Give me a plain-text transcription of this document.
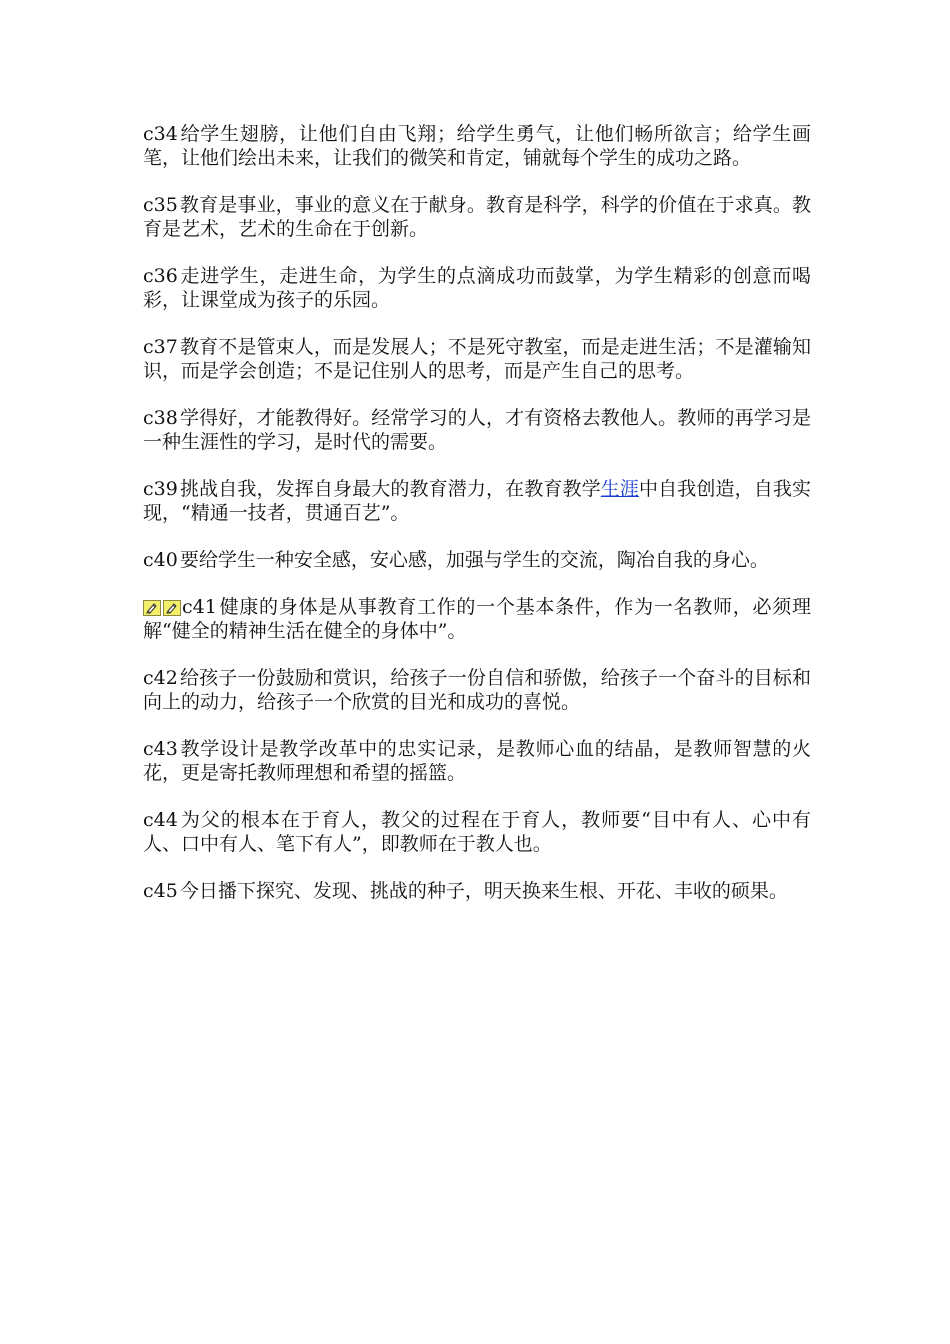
c34 给学生翅膀，让他们自由飞翔；给学生勇气，让他们畅所欲言；给学生画笔，让他们绘出未来，让我们的微笑和肯定，铺就每个学生的成功之路。

c35 教育是事业，事业的意义在于献身。教育是科学，科学的价值在于求真。教育是艺术，艺术的生命在于创新。

c36 走进学生，走进生命，为学生的点滴成功而鼓掌，为学生精彩的创意而喝彩，让课堂成为孩子的乐园。

c37 教育不是管束人，而是发展人；不是死守教室，而是走进生活；不是灌输知识，而是学会创造；不是记住别人的思考，而是产生自己的思考。

c38 学得好，才能教得好。经常学习的人，才有资格去教他人。教师的再学习是一种生涯性的学习，是时代的需要。

c39 挑战自我，发挥自身最大的教育潜力，在教育教学生涯中自我创造，自我实现，“精通一技者，贯通百艺”。

c40 要给学生一种安全感，安心感，加强与学生的交流，陶冶自我的身心。

c41 健康的身体是从事教育工作的一个基本条件，作为一名教师，必须理解“健全的精神生活在健全的身体中”。

c42 给孩子一份鼓励和赏识，给孩子一份自信和骄傲，给孩子一个奋斗的目标和向上的动力，给孩子一个欣赏的目光和成功的喜悦。

c43 教学设计是教学改革中的忠实记录，是教师心血的结晶，是教师智慧的火花，更是寄托教师理想和希望的摇篮。

c44 为父的根本在于育人，教父的过程在于育人，教师要“目中有人、心中有人、口中有人、笔下有人”，即教师在于教人也。

c45 今日播下探究、发现、挑战的种子，明天换来生根、开花、丰收的硕果。
